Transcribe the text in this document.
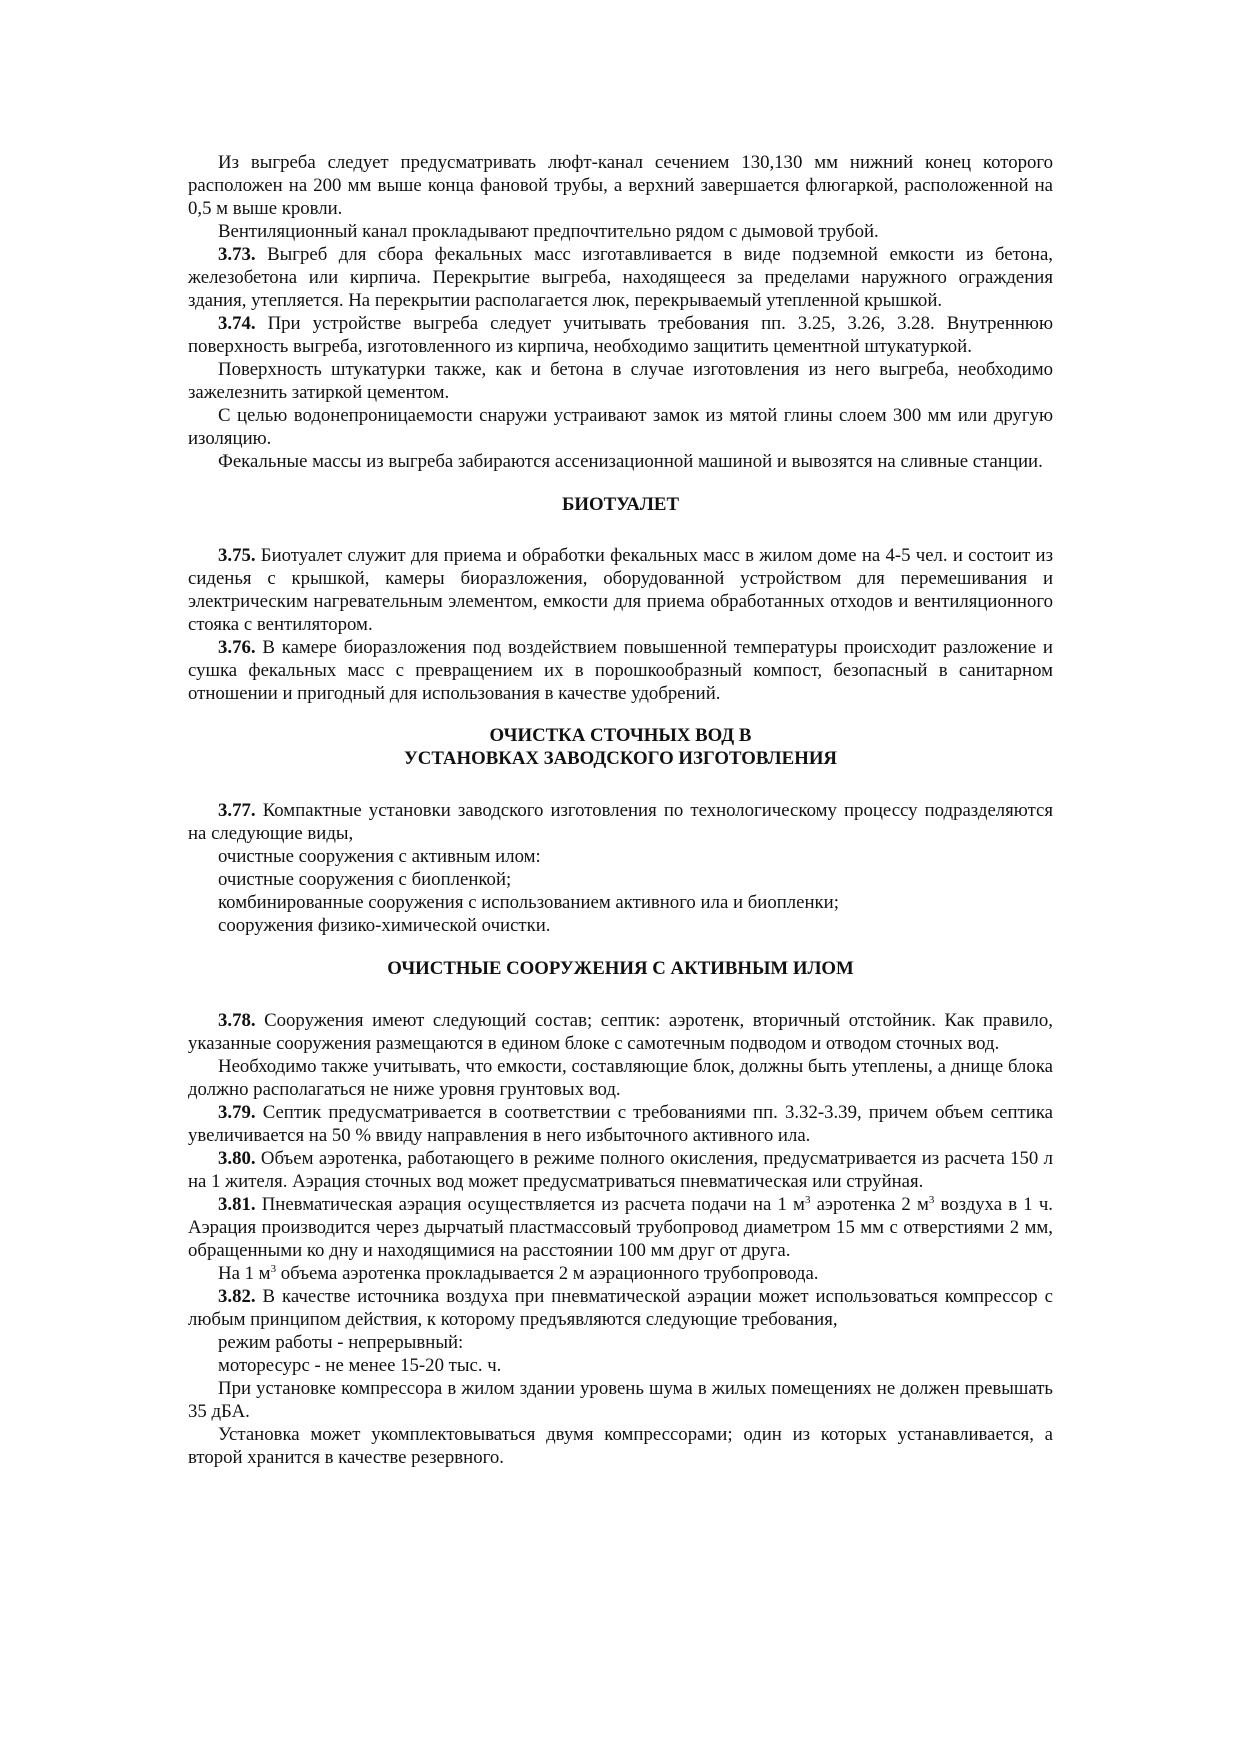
Из выгреба следует предусматривать люфт-канал сечением 130,130 мм нижний конец которого расположен на 200 мм выше конца фановой трубы, а верхний завершается флюгаркой, расположенной на 0,5 м выше кровли.

Вентиляционный канал прокладывают предпочтительно рядом с дымовой трубой.

3.73. Выгреб для сбора фекальных масс изготавливается в виде подземной емкости из бетона, железобетона или кирпича. Перекрытие выгреба, находящееся за пределами наружного ограждения здания, утепляется. На перекрытии располагается люк, перекрываемый утепленной крышкой.

3.74. При устройстве выгреба следует учитывать требования пп. 3.25, 3.26, 3.28. Внутреннюю поверхность выгреба, изготовленного из кирпича, необходимо защитить цементной штукатуркой.

Поверхность штукатурки также, как и бетона в случае изготовления из него выгреба, необходимо зажелезнить затиркой цементом.

С целью водонепроницаемости снаружи устраивают замок из мятой глины слоем 300 мм или другую изоляцию.

Фекальные массы из выгреба забираются ассенизационной машиной и вывозятся на сливные станции.

БИОТУАЛЕТ

3.75. Биотуалет служит для приема и обработки фекальных масс в жилом доме на 4-5 чел. и состоит из сиденья с крышкой, камеры биоразложения, оборудованной устройством для перемешивания и электрическим нагревательным элементом, емкости для приема обработанных отходов и вентиляционного стояка с вентилятором.

3.76. В камере биоразложения под воздействием повышенной температуры происходит разложение и сушка фекальных масс с превращением их в порошкообразный компост, безопасный в санитарном отношении и пригодный для использования в качестве удобрений.

ОЧИСТКА СТОЧНЫХ ВОД В
УСТАНОВКАХ ЗАВОДСКОГО ИЗГОТОВЛЕНИЯ

3.77. Компактные установки заводского изготовления по технологическому процессу подразделяются на следующие виды,

очистные сооружения с активным илом:

очистные сооружения с биопленкой;

комбинированные сооружения с использованием активного ила и биопленки;

сооружения физико-химической очистки.

ОЧИСТНЫЕ СООРУЖЕНИЯ С АКТИВНЫМ ИЛОМ

3.78. Сооружения имеют следующий состав; септик: аэротенк, вторичный отстойник. Как правило, указанные сооружения размещаются в едином блоке с самотечным подводом и отводом сточных вод.

Необходимо также учитывать, что емкости, составляющие блок, должны быть утеплены, а днище блока должно располагаться не ниже уровня грунтовых вод.

3.79. Септик предусматривается в соответствии с требованиями пп. 3.32-3.39, причем объем септика увеличивается на 50 % ввиду направления в него избыточного активного ила.

3.80. Объем аэротенка, работающего в режиме полного окисления, предусматривается из расчета 150 л на 1 жителя. Аэрация сточных вод может предусматриваться пневматическая или струйная.

3.81. Пневматическая аэрация осуществляется из расчета подачи на 1 $м^3$ аэротенка 2 $м^3$ воздуха в 1 ч. Аэрация производится через дырчатый пластмассовый трубопровод диаметром 15 мм с отверстиями 2 мм, обращенными ко дну и находящимися на расстоянии 100 мм друг от друга.

На 1 $м^3$ объема аэротенка прокладывается 2 м аэрационного трубопровода.

3.82. В качестве источника воздуха при пневматической аэрации может использоваться компрессор с любым принципом действия, к которому предъявляются следующие требования,

режим работы - непрерывный:

моторесурс - не менее 15-20 тыс. ч.

При установке компрессора в жилом здании уровень шума в жилых помещениях не должен превышать 35 дБА.

Установка может укомплектовываться двумя компрессорами; один из которых устанавливается, а второй хранится в качестве резервного.
